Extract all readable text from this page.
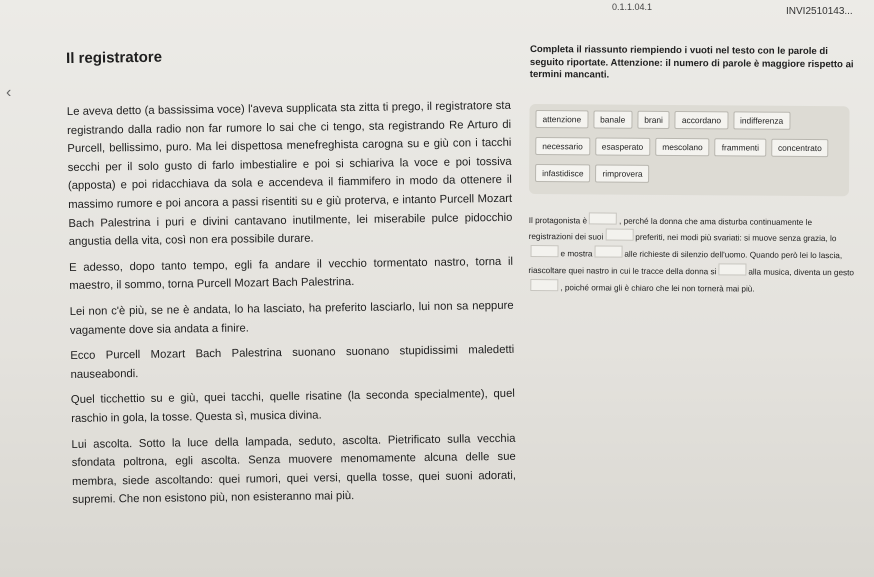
0.1.1.04.1	INVI2510143...
‹
Il registratore

Le aveva detto (a bassissima voce) l'aveva supplicata sta zitta ti prego, il registratore sta registrando dalla radio non far rumore lo sai che ci tengo, sta registrando Re Arturo di Purcell, bellissimo, puro. Ma lei dispettosa menefreghista carogna su e giù con i tacchi secchi per il solo gusto di farlo imbestialire e poi si schiariva la voce e poi tossiva (apposta) e poi ridacchiava da sola e accendeva il fiammifero in modo da ottenere il massimo rumore e poi ancora a passi risentiti su e giù proterva, e intanto Purcell Mozart Bach Palestrina i puri e divini cantavano inutilmente, lei miserabile pulce pidocchio angustia della vita, così non era possibile durare.

E adesso, dopo tanto tempo, egli fa andare il vecchio tormentato nastro, torna il maestro, il sommo, torna Purcell Mozart Bach Palestrina.

Lei non c'è più, se ne è andata, lo ha lasciato, ha preferito lasciarlo, lui non sa neppure vagamente dove sia andata a finire.

Ecco Purcell Mozart Bach Palestrina suonano suonano stupidissimi maledetti nauseabondi.

Quel ticchettio su e giù, quei tacchi, quelle risatine (la seconda specialmente), quel raschio in gola, la tosse. Questa sì, musica divina.

Lui ascolta. Sotto la luce della lampada, seduto, ascolta. Pietrificato sulla vecchia sfondata poltrona, egli ascolta. Senza muovere menomamente alcuna delle sue membra, siede ascoltando: quei rumori, quei versi, quella tosse, quei suoni adorati, supremi. Che non esistono più, non esisteranno mai più.

Completa il riassunto riempiendo i vuoti nel testo con le parole di seguito riportate. Attenzione: il numero di parole è maggiore rispetto ai termini mancanti.
attenzione	banale	brani	accordano	indifferenza
necessario	esasperato	mescolano	frammenti	concentrato
infastidisce	rimprovera
Il protagonista è	, perché la donna che ama disturba continuamente le registrazioni dei suoi	preferiti, nei modi più svariati: si muove senza grazia, loe mostra	alle richieste di silenzio dell'uomo. Quando però lei lo lascia, riascoltare quei nastro in cui le tracce della donna si	alla musica, diventa un gesto, poiché ormai gli è chiaro che lei non tornerà mai più.
